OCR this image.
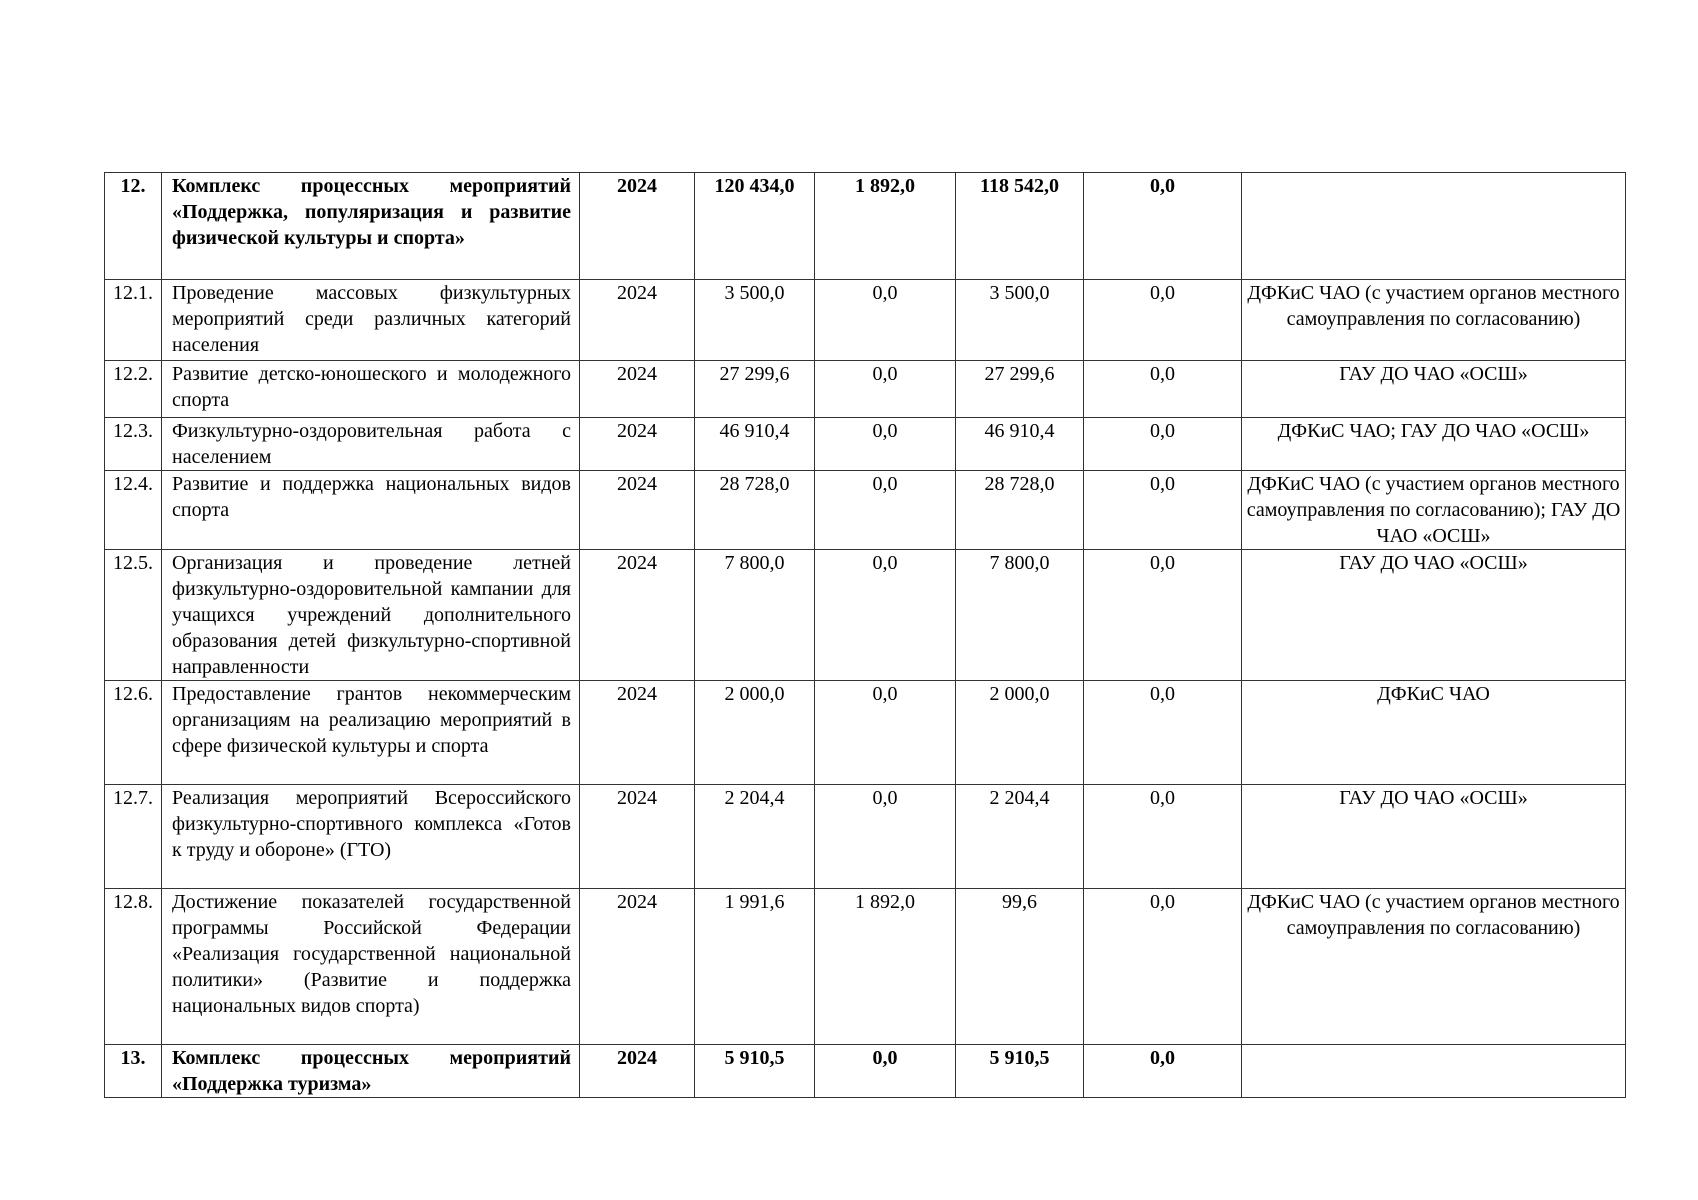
12.	Комплекс процессных мероприятий «Поддержка, популяризация и развитие физической культуры и спорта»	2024	120 434,0	1 892,0	118 542,0	0,0	
12.1.	Проведение массовых физкультурных мероприятий среди различных категорий населения	2024	3 500,0	0,0	3 500,0	0,0	ДФКиС ЧАО (с участием органов местного самоуправления по согласованию)
12.2.	Развитие детско-юношеского и молодежного спорта	2024	27 299,6	0,0	27 299,6	0,0	ГАУ ДО ЧАО «ОСШ»
12.3.	Физкультурно-оздоровительная работа с населением	2024	46 910,4	0,0	46 910,4	0,0	ДФКиС ЧАО; ГАУ ДО ЧАО «ОСШ»
12.4.	Развитие и поддержка национальных видов спорта	2024	28 728,0	0,0	28 728,0	0,0	ДФКиС ЧАО (с участием органов местного самоуправления по согласованию); ГАУ ДО ЧАО «ОСШ»
12.5.	Организация и проведение летней физкультурно-оздоровительной кампании для учащихся учреждений дополнительного образования детей физкультурно-спортивной направленности	2024	7 800,0	0,0	7 800,0	0,0	ГАУ ДО ЧАО «ОСШ»
12.6.	Предоставление грантов некоммерческим организациям на реализацию мероприятий в сфере физической культуры и спорта	2024	2 000,0	0,0	2 000,0	0,0	ДФКиС ЧАО
12.7.	Реализация мероприятий Всероссийского физкультурно-спортивного комплекса «Готов к труду и обороне» (ГТО)	2024	2 204,4	0,0	2 204,4	0,0	ГАУ ДО ЧАО «ОСШ»
12.8.	Достижение показателей государственной программы Российской Федерации «Реализация государственной национальной политики» (Развитие и поддержка национальных видов спорта)	2024	1 991,6	1 892,0	99,6	0,0	ДФКиС ЧАО (с участием органов местного самоуправления по согласованию)
13.	Комплекс процессных мероприятий «Поддержка туризма»	2024	5 910,5	0,0	5 910,5	0,0	
